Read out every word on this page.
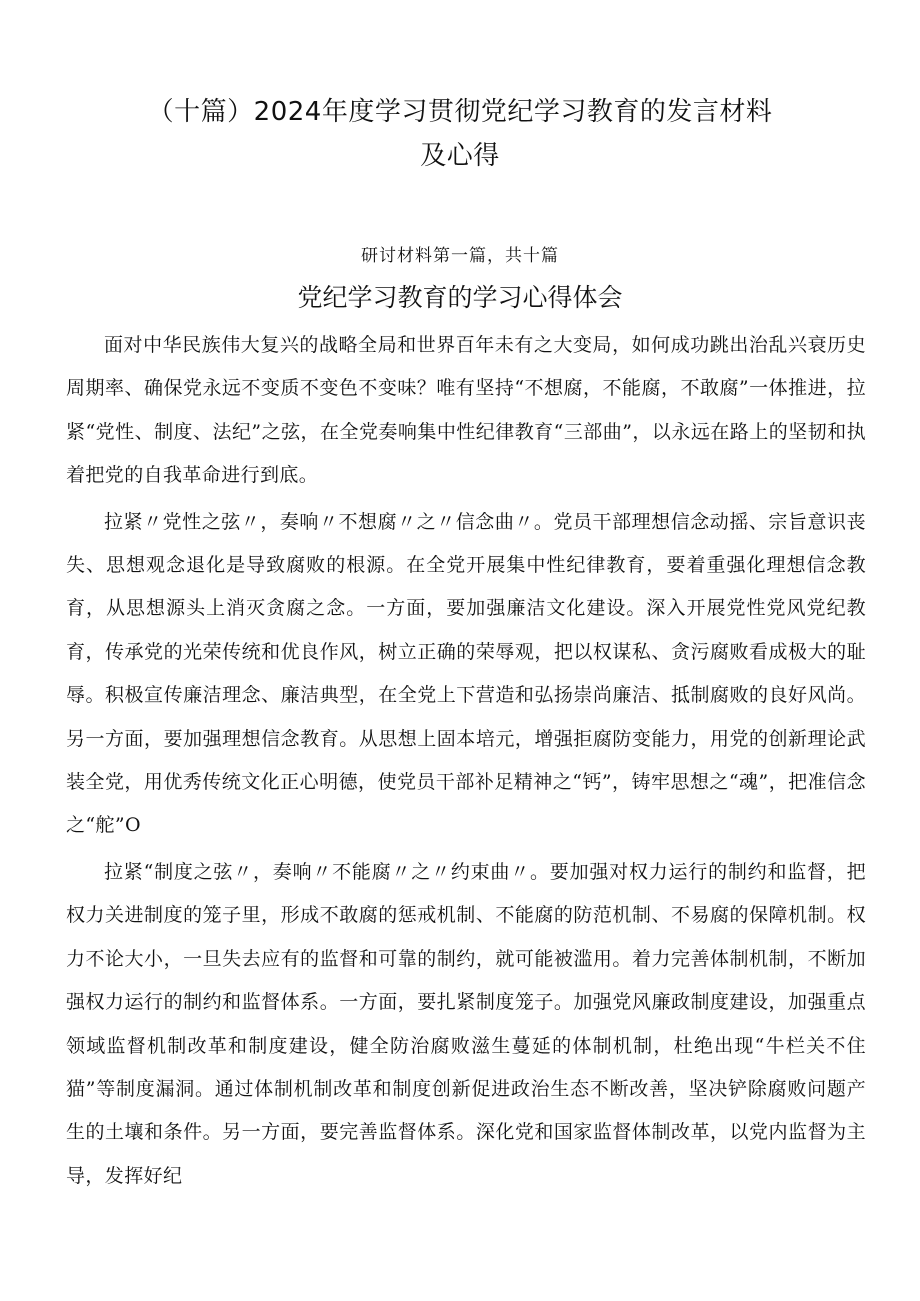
（十篇）2024年度学习贯彻党纪学习教育的发言材料
及心得
研讨材料第一篇，共十篇
党纪学习教育的学习心得体会

面对中华民族伟大复兴的战略全局和世界百年未有之大变局，如何成功跳出治乱兴衰历史周期率、确保党永远不变质不变色不变味？唯有坚持“不想腐，不能腐，不敢腐”一体推进，拉紧“党性、制度、法纪”之弦，在全党奏响集中性纪律教育“三部曲”，以永远在路上的坚韧和执着把党的自我革命进行到底。

拉紧〃党性之弦〃，奏响〃不想腐〃之〃信念曲〃。党员干部理想信念动摇、宗旨意识丧失、思想观念退化是导致腐败的根源。在全党开展集中性纪律教育，要着重强化理想信念教育，从思想源头上消灭贪腐之念。一方面，要加强廉洁文化建设。深入开展党性党风党纪教育，传承党的光荣传统和优良作风，树立正确的荣辱观，把以权谋私、贪污腐败看成极大的耻辱。积极宣传廉洁理念、廉洁典型，在全党上下营造和弘扬崇尚廉洁、抵制腐败的良好风尚。另一方面，要加强理想信念教育。从思想上固本培元，增强拒腐防变能力，用党的创新理论武装全党，用优秀传统文化正心明德，使党员干部补足精神之“钙”，铸牢思想之“魂”，把准信念之“舵”O

拉紧“制度之弦〃，奏响〃不能腐〃之〃约束曲〃。要加强对权力运行的制约和监督，把权力关进制度的笼子里，形成不敢腐的惩戒机制、不能腐的防范机制、不易腐的保障机制。权力不论大小，一旦失去应有的监督和可靠的制约，就可能被滥用。着力完善体制机制，不断加强权力运行的制约和监督体系。一方面，要扎紧制度笼子。加强党风廉政制度建设，加强重点领域监督机制改革和制度建设，健全防治腐败滋生蔓延的体制机制，杜绝出现“牛栏关不住猫”等制度漏洞。通过体制机制改革和制度创新促进政治生态不断改善，坚决铲除腐败问题产生的土壤和条件。另一方面，要完善监督体系。深化党和国家监督体制改革，以党内监督为主导，发挥好纪
